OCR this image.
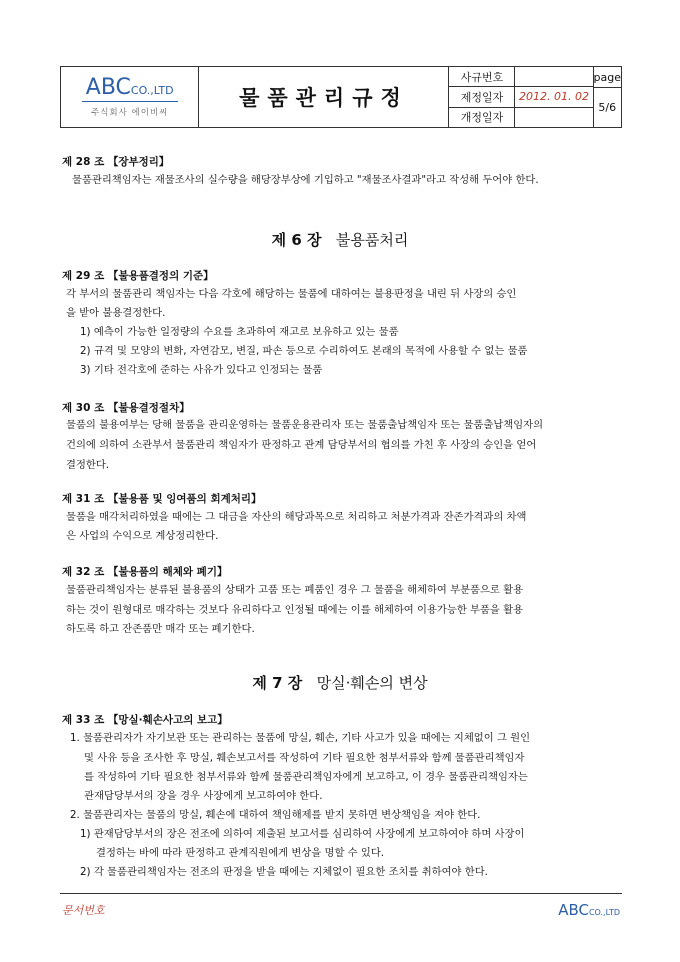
ABCCO.,LTD
주식회사 에이비씨
물품관리규정
사규번호
제정일자	2012. 01. 02
개정일자
page
5/6
제 28 조 【장부정리】
물품관리책임자는 재물조사의 실수량을 해당장부상에 기입하고 "재물조사결과"라고 작성해 두어야 한다.
제 6 장 불용품처리
제 29 조 【불용품결정의 기준】
각 부서의 물품관리 책임자는 다음 각호에 해당하는 물품에 대하여는 불용판정을 내린 뒤 사장의 승인
을 받아 불용결정한다.
1) 예측이 가능한 일정량의 수요를 초과하여 재고로 보유하고 있는 물품
2) 규격 및 모양의 변화, 자연감모, 변질, 파손 등으로 수리하여도 본래의 목적에 사용할 수 없는 물품
3) 기타 전각호에 준하는 사유가 있다고 인정되는 물품
제 30 조 【불용결정절차】
물품의 불용여부는 당해 물품을 관리운영하는 물품운용관리자 또는 물품출납책임자 또는 물품출납책임자의
건의에 의하여 소관부서 물품관리 책임자가 판정하고 관계 담당부서의 협의를 가친 후 사장의 승인을 얻어
결정한다.
제 31 조 【불용품 및 잉여품의 회계처리】
물품을 매각처리하였을 때에는 그 대금을 자산의 해당과목으로 처리하고 처분가격과 잔존가격과의 차액
은 사업의 수익으로 계상정리한다.
제 32 조 【불용품의 해체와 폐기】
물품관리책임자는 분류된 불용품의 상태가 고품 또는 폐품인 경우 그 물품을 해체하여 부분품으로 활용
하는 것이 원형대로 매각하는 것보다 유리하다고 인정될 때에는 이를 해체하여 이용가능한 부품을 활용
하도록 하고 잔존품만 매각 또는 폐기한다.
제 7 장 망실·훼손의 변상
제 33 조 【망실·훼손사고의 보고】
1. 물품관리자가 자기보관 또는 관리하는 물품에 망실, 훼손, 기타 사고가 있을 때에는 지체없이 그 원인
및 사유 등을 조사한 후 망실, 훼손보고서를 작성하여 기타 필요한 첨부서류와 함께 물품관리책임자
를 작성하여 기타 필요한 첨부서류와 함께 물품관리책임자에게 보고하고, 이 경우 물품관리책임자는
관재담당부서의 장을 경우 사장에게 보고하여야 한다.
2. 물품관리자는 물품의 망실, 훼손에 대하여 책임해제를 받지 못하면 변상책임을 져야 한다.
1) 관재담당부서의 장은 전조에 의하여 제출된 보고서를 심리하여 사장에게 보고하여야 하며 사장이
결정하는 바에 따라 판정하고 관계직원에게 변상을 명할 수 있다.
2) 각 물품관리책임자는 전조의 판정을 받을 때에는 지체없이 필요한 조치를 취하여야 한다.
문서번호	ABCCO.,LTD
